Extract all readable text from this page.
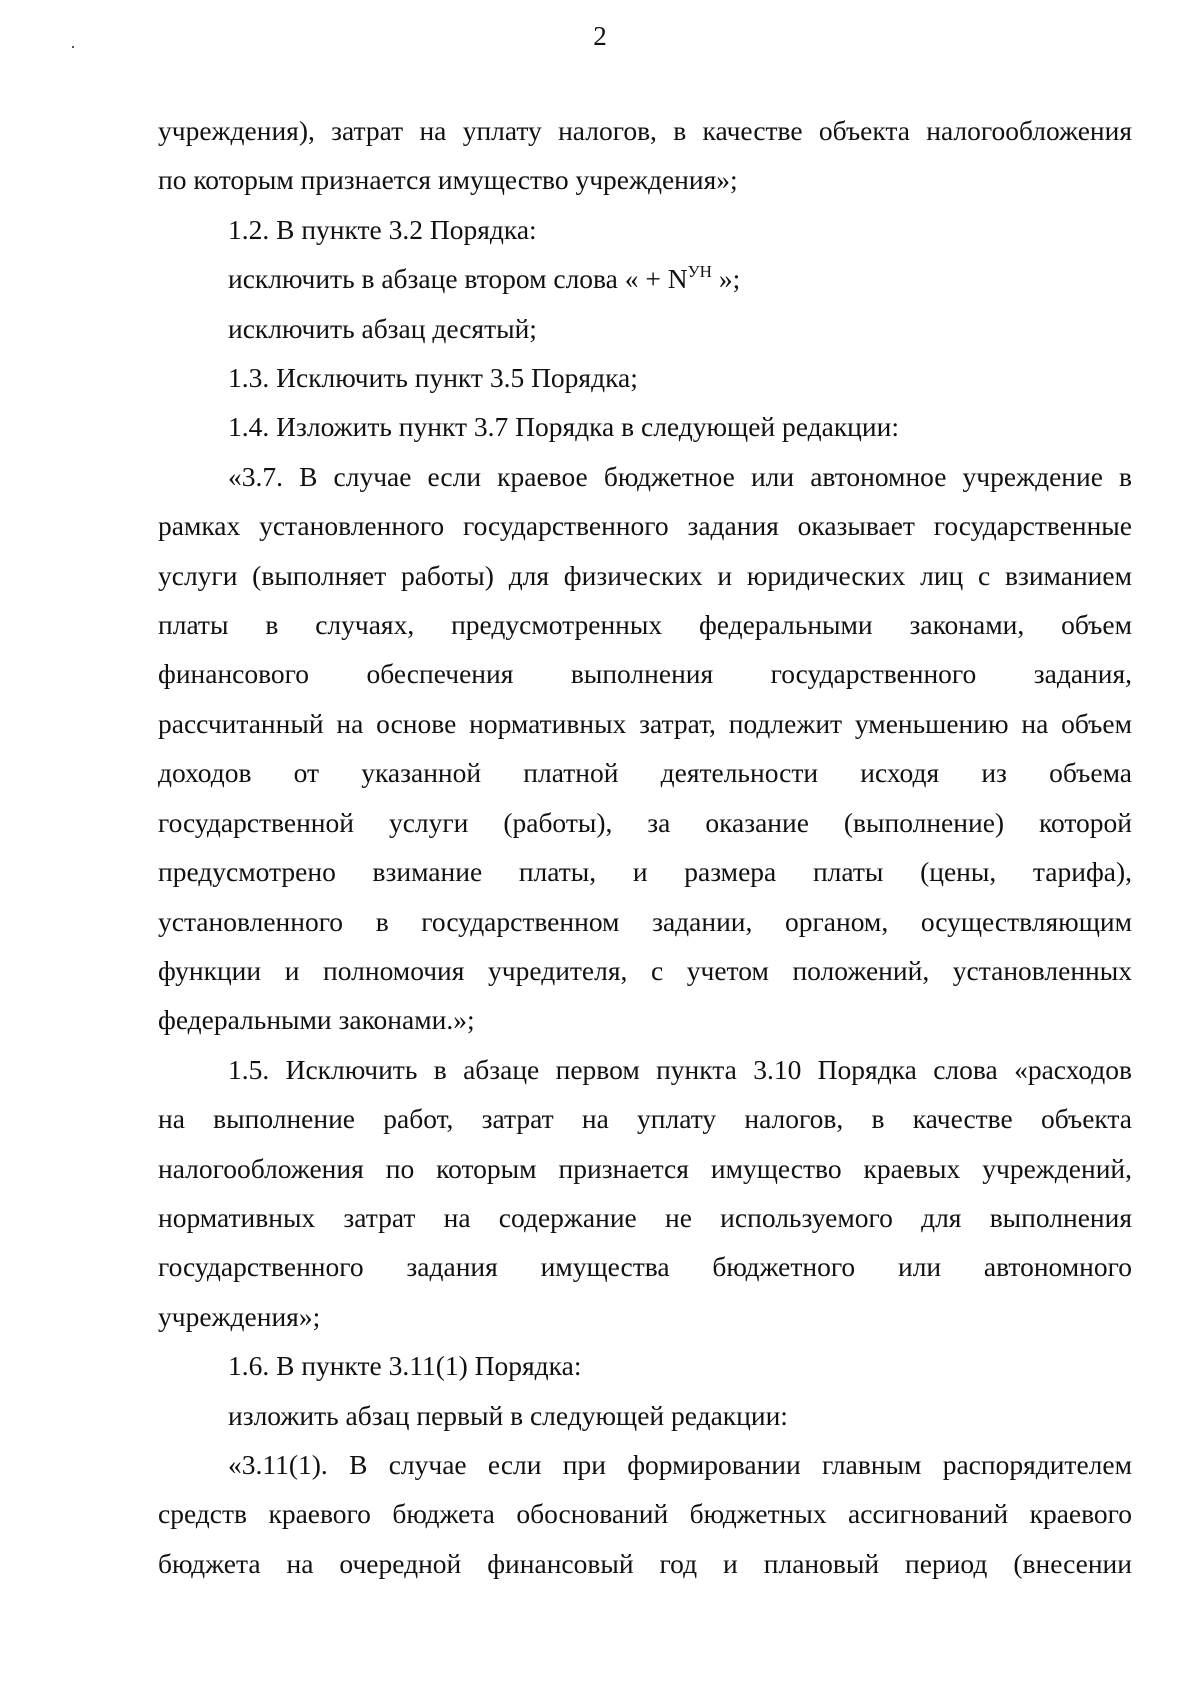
2

учреждения), затрат на уплату налогов, в качестве объекта налогообложения
по которым признается имущество учреждения»;

1.2. В пункте 3.2 Порядка:

исключить в абзаце втором слова « + $N^{УН}$ »;

исключить абзац десятый;

1.3. Исключить пункт 3.5 Порядка;

1.4. Изложить пункт 3.7 Порядка в следующей редакции:

«3.7. В случае если краевое бюджетное или автономное учреждение в
рамках установленного государственного задания оказывает государственные
услуги (выполняет работы) для физических и юридических лиц с взиманием
платы в случаях, предусмотренных федеральными законами, объем
финансового обеспечения выполнения государственного задания,
рассчитанный на основе нормативных затрат, подлежит уменьшению на объем
доходов от указанной платной деятельности исходя из объема
государственной услуги (работы), за оказание (выполнение) которой
предусмотрено взимание платы, и размера платы (цены, тарифа),
установленного в государственном задании, органом, осуществляющим
функции и полномочия учредителя, с учетом положений, установленных
федеральными законами.»;

1.5. Исключить в абзаце первом пункта 3.10 Порядка слова «расходов
на выполнение работ, затрат на уплату налогов, в качестве объекта
налогообложения по которым признается имущество краевых учреждений,
нормативных затрат на содержание не используемого для выполнения
государственного задания имущества бюджетного или автономного
учреждения»;

1.6. В пункте 3.11(1) Порядка:

изложить абзац первый в следующей редакции:

«3.11(1). В случае если при формировании главным распорядителем
средств краевого бюджета обоснований бюджетных ассигнований краевого
бюджета на очередной финансовый год и плановый период (внесении
